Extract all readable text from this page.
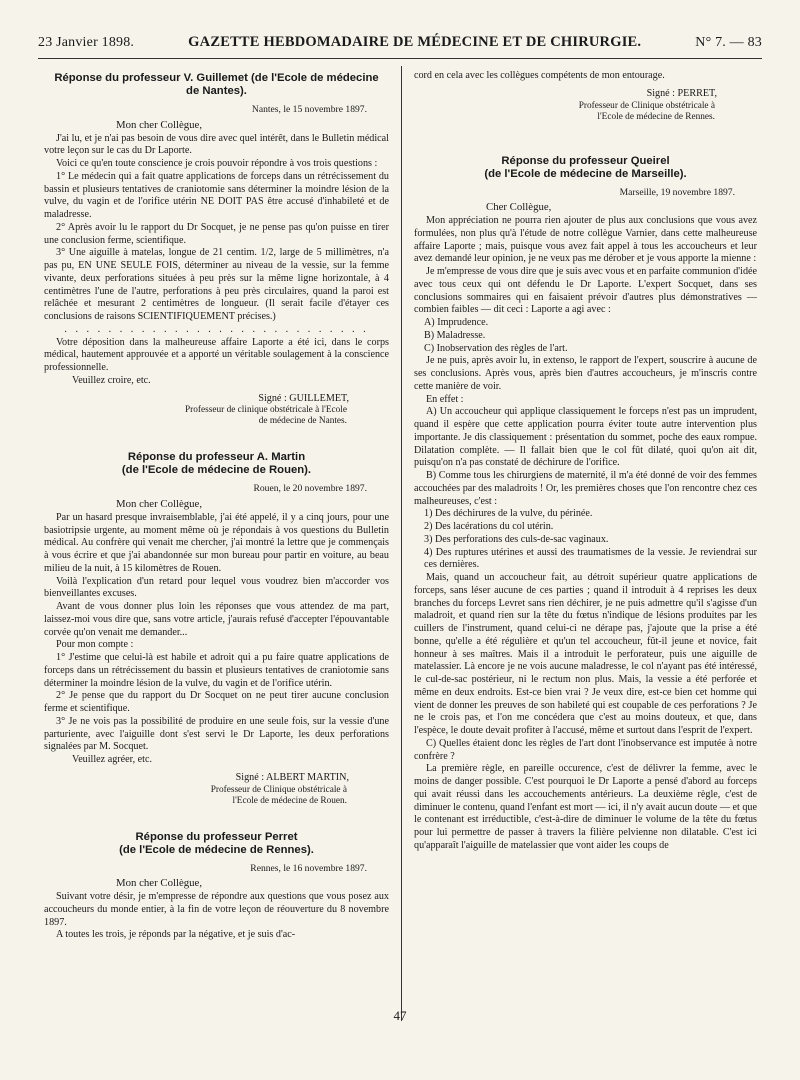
23 Janvier 1898.	GAZETTE HEBDOMADAIRE DE MÉDECINE ET DE CHIRURGIE.	N° 7. — 83
Réponse du professeur V. Guillemet (de l'Ecole de médecine
de Nantes).

Nantes, le 15 novembre 1897.

Mon cher Collègue,

J'ai lu, et je n'ai pas besoin de vous dire avec quel intérêt, dans le Bulletin médical votre leçon sur le cas du Dr Laporte.

Voici ce qu'en toute conscience je crois pouvoir répondre à vos trois questions :

1° Le médecin qui a fait quatre applications de forceps dans un rétrécissement du bassin et plusieurs tentatives de craniotomie sans déterminer la moindre lésion de la vulve, du vagin et de l'orifice utérin NE DOIT PAS être accusé d'inhabileté et de maladresse.

2° Après avoir lu le rapport du Dr Socquet, je ne pense pas qu'on puisse en tirer une conclusion ferme, scientifique.

3° Une aiguille à matelas, longue de 21 centim. 1/2, large de 5 millimètres, n'a pas pu, EN UNE SEULE FOIS, déterminer au niveau de la vessie, sur la femme vivante, deux perforations situées à peu près sur la même ligne horizontale, à 4 centimètres l'une de l'autre, perforations à peu près circulaires, quand la paroi est relâchée et mesurant 2 centimètres de longueur. (Il serait facile d'étayer ces conclusions de raisons SCIENTIFIQUEMENT précises.)

. . . . . . . . . . . . . . . . . . . . . . . . . . . .

Votre déposition dans la malheureuse affaire Laporte a été ici, dans le corps médical, hautement approuvée et a apporté un véritable soulagement à la conscience professionnelle.

Veuillez croire, etc.

Signé : GUILLEMET,

Professeur de clinique obstétricale à l'Ecole

de médecine de Nantes.

Réponse du professeur A. Martin
(de l'Ecole de médecine de Rouen).

Rouen, le 20 novembre 1897.

Mon cher Collègue,

Par un hasard presque invraisemblable, j'ai été appelé, il y a cinq jours, pour une basiotripsie urgente, au moment même où je répondais à vos questions du Bulletin médical. Au confrère qui venait me chercher, j'ai montré la lettre que je commençais à vous écrire et que j'ai abandonnée sur mon bureau pour partir en voiture, au beau milieu de la nuit, à 15 kilomètres de Rouen.

Voilà l'explication d'un retard pour lequel vous voudrez bien m'accorder vos bienveillantes excuses.

Avant de vous donner plus loin les réponses que vous attendez de ma part, laissez-moi vous dire que, sans votre article, j'aurais refusé d'accepter l'épouvantable corvée qu'on venait me demander...

Pour mon compte :

1° J'estime que celui-là est habile et adroit qui a pu faire quatre applications de forceps dans un rétrécissement du bassin et plusieurs tentatives de craniotomie sans déterminer la moindre lésion de la vulve, du vagin et de l'orifice utérin.

2° Je pense que du rapport du Dr Socquet on ne peut tirer aucune conclusion ferme et scientifique.

3° Je ne vois pas la possibilité de produire en une seule fois, sur la vessie d'une parturiente, avec l'aiguille dont s'est servi le Dr Laporte, les deux perforations signalées par M. Socquet.

Veuillez agréer, etc.

Signé : ALBERT MARTIN,

Professeur de Clinique obstétricale à

l'Ecole de médecine de Rouen.

Réponse du professeur Perret
(de l'Ecole de médecine de Rennes).

Rennes, le 16 novembre 1897.

Mon cher Collègue,

Suivant votre désir, je m'empresse de répondre aux questions que vous posez aux accoucheurs du monde entier, à la fin de votre leçon de réouverture du 8 novembre 1897.

A toutes les trois, je réponds par la négative, et je suis d'ac-

cord en cela avec les collègues compétents de mon entourage.

Signé : PERRET,

Professeur de Clinique obstétricale à

l'Ecole de médecine de Rennes.

Réponse du professeur Queirel
(de l'Ecole de médecine de Marseille).

Marseille, 19 novembre 1897.

Cher Collègue,

Mon appréciation ne pourra rien ajouter de plus aux conclusions que vous avez formulées, non plus qu'à l'étude de notre collègue Varnier, dans cette malheureuse affaire Laporte ; mais, puisque vous avez fait appel à tous les accoucheurs et leur avez demandé leur opinion, je ne veux pas me dérober et je vous apporte la mienne :

Je m'empresse de vous dire que je suis avec vous et en parfaite communion d'idée avec tous ceux qui ont défendu le Dr Laporte. L'expert Socquet, dans ses conclusions sommaires qui en faisaient prévoir d'autres plus démonstratives — combien faibles — dit ceci : Laporte a agi avec :

A) Imprudence.

B) Maladresse.

C) Inobservation des règles de l'art.

Je ne puis, après avoir lu, in extenso, le rapport de l'expert, souscrire à aucune de ses conclusions. Après vous, après bien d'autres accoucheurs, je m'inscris contre cette manière de voir.

En effet :

A) Un accoucheur qui applique classiquement le forceps n'est pas un imprudent, quand il espère que cette application pourra éviter toute autre intervention plus importante. Je dis classiquement : présentation du sommet, poche des eaux rompue. Dilatation complète. — Il fallait bien que le col fût dilaté, quoi qu'on ait dit, puisqu'on n'a pas constaté de déchirure de l'orifice.

B) Comme tous les chirurgiens de maternité, il m'a été donné de voir des femmes accouchées par des maladroits ! Or, les premières choses que l'on rencontre chez ces malheureuses, c'est :

1) Des déchirures de la vulve, du périnée.

2) Des lacérations du col utérin.

3) Des perforations des culs-de-sac vaginaux.

4) Des ruptures utérines et aussi des traumatismes de la vessie. Je reviendrai sur ces dernières.

Mais, quand un accoucheur fait, au détroit supérieur quatre applications de forceps, sans léser aucune de ces parties ; quand il introduit à 4 reprises les deux branches du forceps Levret sans rien déchirer, je ne puis admettre qu'il s'agisse d'un maladroit, et quand rien sur la tête du fœtus n'indique de lésions produites par les cuillers de l'instrument, quand celui-ci ne dérape pas, j'ajoute que la prise a été bonne, qu'elle a été régulière et qu'un tel accoucheur, fût-il jeune et novice, fait honneur à ses maîtres. Mais il a introduit le perforateur, puis une aiguille de matelassier. Là encore je ne vois aucune maladresse, le col n'ayant pas été intéressé, le cul-de-sac postérieur, ni le rectum non plus. Mais, la vessie a été perforée et même en deux endroits. Est-ce bien vrai ? Je veux dire, est-ce bien cet homme qui vient de donner les preuves de son habileté qui est coupable de ces perforations ? Je ne le crois pas, et l'on me concédera que c'est au moins douteux, et que, dans l'espèce, le doute devait profiter à l'accusé, même et surtout dans l'esprit de l'expert.

C) Quelles étaient donc les règles de l'art dont l'inobservance est imputée à notre confrère ?

La première règle, en pareille occurence, c'est de délivrer la femme, avec le moins de danger possible. C'est pourquoi le Dr Laporte a pensé d'abord au forceps qui avait réussi dans les accouchements antérieurs. La deuxième règle, c'est de diminuer le contenu, quand l'enfant est mort — ici, il n'y avait aucun doute — et que le contenant est irréductible, c'est-à-dire de diminuer le volume de la tête du fœtus pour lui permettre de passer à travers la filière pelvienne non dilatable. C'est ici qu'apparaît l'aiguille de matelassier que vont aider les coups de

47
